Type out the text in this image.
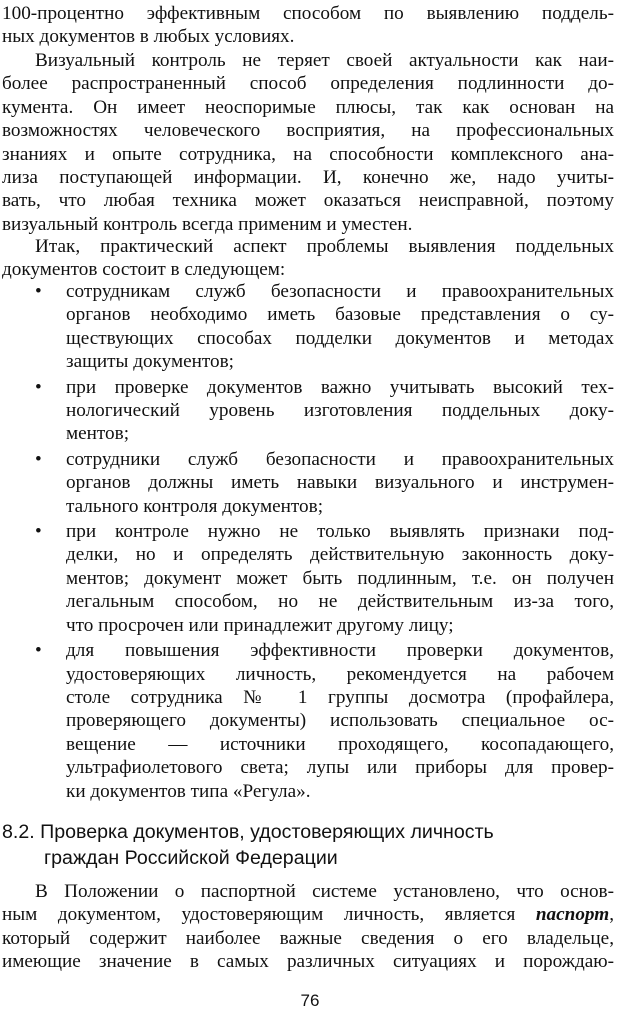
100-процентно эффективным способом по выявлению поддель-
ных документов в любых условиях.
Визуальный контроль не теряет своей актуальности как наи-
более распространенный способ определения подлинности до-
кумента. Он имеет неоспоримые плюсы, так как основан на
возможностях человеческого восприятия, на профессиональных
знаниях и опыте сотрудника, на способности комплексного ана-
лиза поступающей информации. И, конечно же, надо учиты-
вать, что любая техника может оказаться неисправной, поэтому
визуальный контроль всегда применим и уместен.
Итак, практический аспект проблемы выявления поддельных
документов состоит в следующем:
• сотрудникам служб безопасности и правоохранительных
органов необходимо иметь базовые представления о су-
ществующих способах подделки документов и методах
защиты документов;
• при проверке документов важно учитывать высокий тех-
нологический уровень изготовления поддельных доку-
ментов;
• сотрудники служб безопасности и правоохранительных
органов должны иметь навыки визуального и инструмен-
тального контроля документов;
• при контроле нужно не только выявлять признаки под-
делки, но и определять действительную законность доку-
ментов; документ может быть подлинным, т.е. он получен
легальным способом, но не действительным из-за того,
что просрочен или принадлежит другому лицу;
• для повышения эффективности проверки документов,
удостоверяющих личность, рекомендуется на рабочем
столе сотрудника № 1 группы досмотра (профайлера,
проверяющего документы) использовать специальное ос-
вещение — источники проходящего, косопадающего,
ультрафиолетового света; лупы или приборы для провер-
ки документов типа «Регула».
8.2. Проверка документов, удостоверяющих личность
граждан Российской Федерации
В Положении о паспортной системе установлено, что основ-
ным документом, удостоверяющим личность, является паспорт,
который содержит наиболее важные сведения о его владельце,
имеющие значение в самых различных ситуациях и порождаю-
76
